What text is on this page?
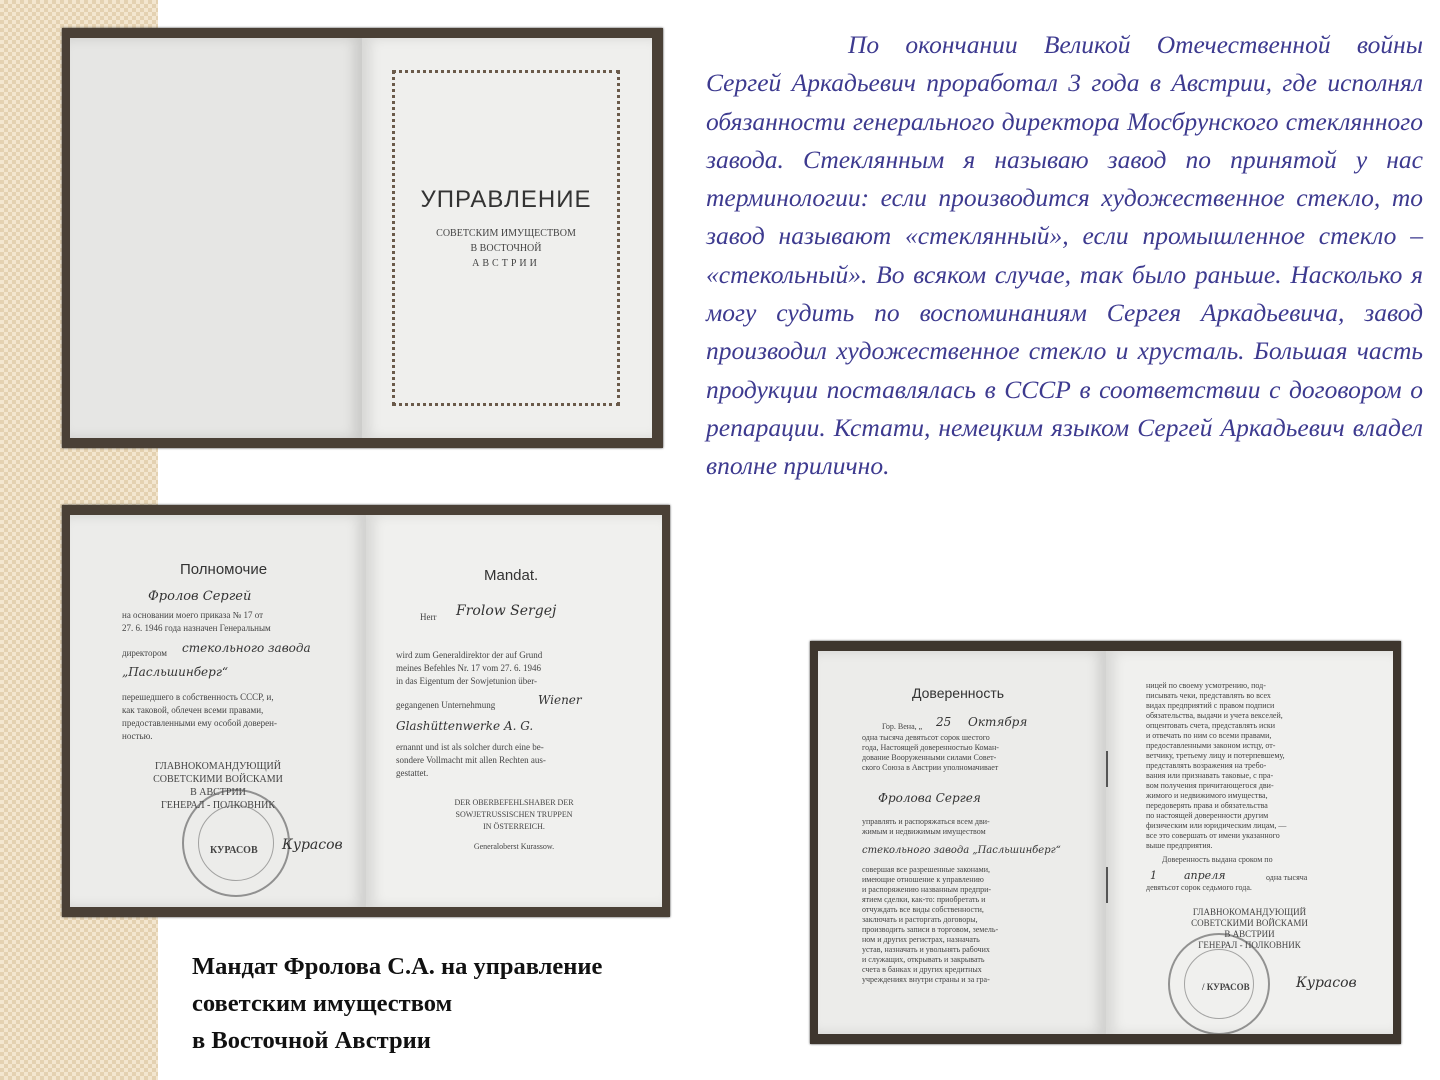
УПРАВЛЕНИЕ
СОВЕТСКИМ ИМУЩЕСТВОМ
В ВОСТОЧНОЙ
АВСТРИИ
Полномочие
Фролов Сергей
на основании моего приказа № 17 от
27. 6. 1946 года назначен Генеральным
директором стекольного завода
„Пасльшинберг“
перешедшего в собственность СССР, и,
как таковой, облечен всеми правами,
предоставленными ему особой доверен-
ностью.
ГЛАВНОКОМАНДУЮЩИЙ
СОВЕТСКИМИ ВОЙСКАМИ
В АВСТРИИ
ГЕНЕРАЛ - ПОЛКОВНИК
КУРАСОВ Курасов
Mandat.
Herr Frolow Sergej
wird zum Generaldirektor der auf Grund
meines Befehles Nr. 17 vom 27. 6. 1946
in das Eigentum der Sowjetunion über-
gegangenen Unternehmung	Wiener
Glashüttenwerke A. G.
ernannt und ist als solcher durch eine be-
sondere Vollmacht mit allen Rechten aus-
gestattet.
DER OBERBEFEHLSHABER DER
SOWJETRUSSISCHEN TRUPPEN
IN ÖSTERREICH.
Generaloberst Kurassow.
Доверенность
Гор. Вена, „ 25 Октября
одна тысяча девятьсот сорок шестого
года, Настоящей доверенностью Коман-
дование Вооруженными силами Совет-
ского Союза в Австрии уполномачивает
Фролова Сергея
управлять и распоряжаться всем дви-
жимым и недвижимым имуществом
стекольного завода „Пасльшинберг“
совершая все разрешенные законами,
имеющие отношение к управлению
и распоряжению названным предпри-
ятием сделки, как-то: приобретать и
отчуждать все виды собственности,
заключать и расторгать договоры,
производить записи в торговом, земель-
ном и других регистрах, назначать
устав, назначать и увольнять рабочих
и служащих, открывать и закрывать
счета в банках и других кредитных
учреждениях внутри страны и за гра-
ницей по своему усмотрению, под-
писывать чеки, представлять во всех
видах предприятий с правом подписи
обязательства, выдачи и учета векселей,
опцентовать счета, представлять иски
и отвечать по ним со всеми правами,
предоставленными законом истцу, от-
ветчику, третьему лицу и потерпевшему,
представлять возражения на требо-
вания или признавать таковые, с пра-
вом получения причитающегося дви-
жимого и недвижимого имущества,
передоверять права и обязательства
по настоящей доверенности другим
физическим или юридическим лицам, —
все это совершать от имени указанного
выше предприятия.
Доверенность выдана сроком по
1 апреля	одна тысяча
девятьсот сорок седьмого года.
ГЛАВНОКОМАНДУЮЩИЙ
СОВЕТСКИМИ ВОЙСКАМИ
В АВСТРИИ
ГЕНЕРАЛ - ПОЛКОВНИК
/ КУРАСОВ	Курасов

По окончании Великой Отечественной войны Сергей Аркадьевич проработал 3 года в Австрии, где исполнял обязанности генерального директора Мосбрунского стеклянного завода. Стеклянным я называю завод по принятой у нас терминологии: если производится художественное стекло, то завод называют «стеклянный», если промышленное стекло – «стекольный». Во всяком случае, так было раньше. Насколько я могу судить по воспоминаниям Сергея Аркадьевича, завод производил художественное стекло и хрусталь. Большая часть продукции поставлялась в СССР в соответствии с договором о репарации. Кстати, немецким языком Сергей Аркадьевич владел вполне прилично.

Мандат Фролова С.А. на управление
советским имуществом
в Восточной Австрии
